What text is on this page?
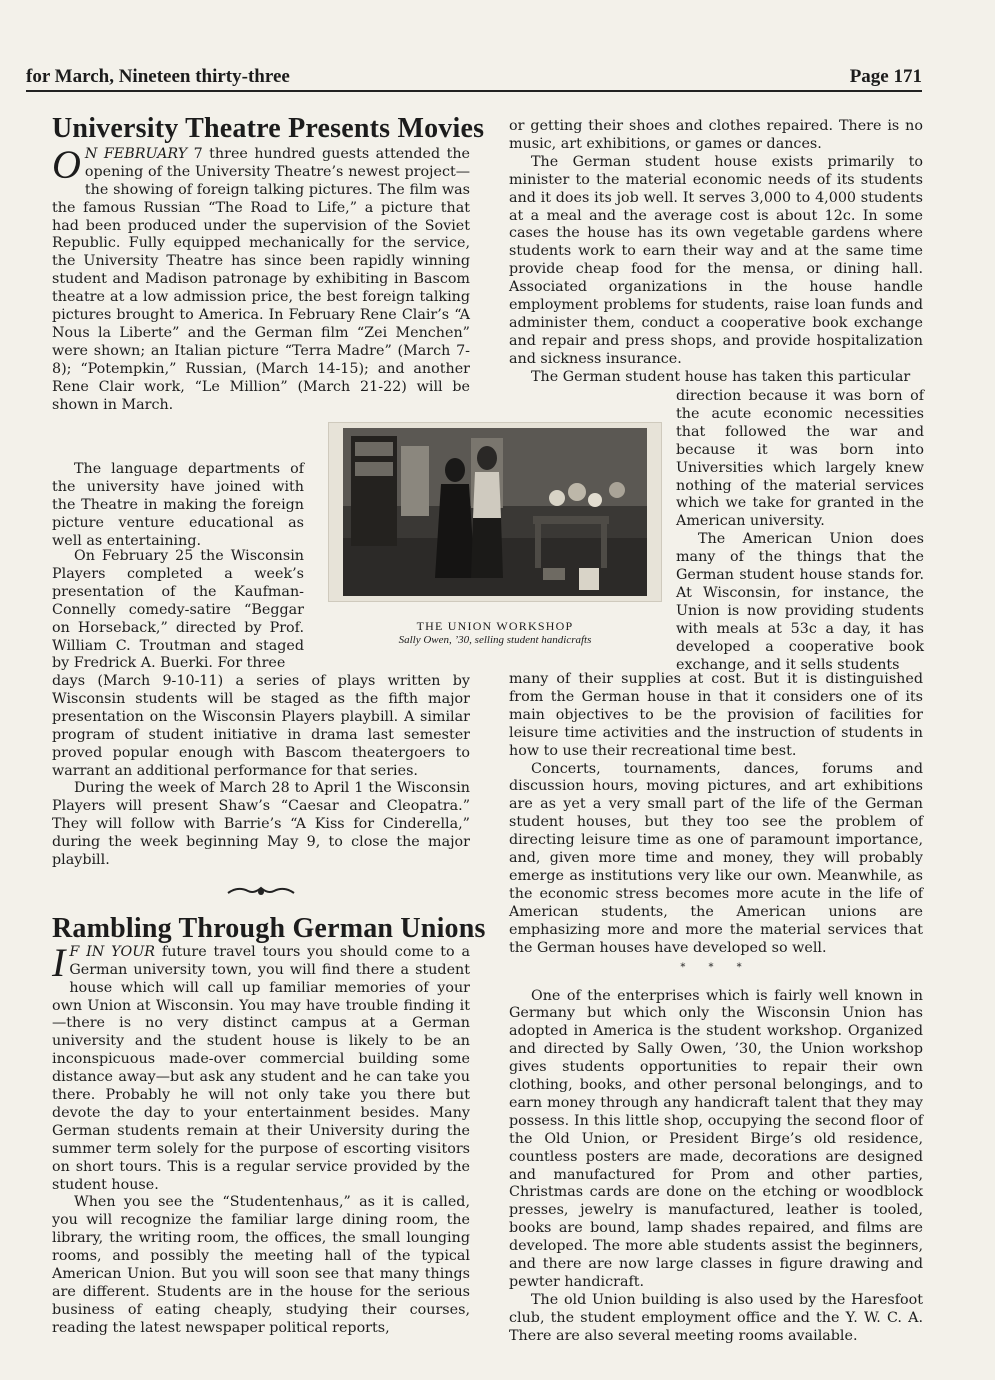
for March, Nineteen thirty-three	Page 171
University Theatre Presents Movies

O N FEBRUARY 7 three hundred guests attended the opening of the University Theatre’s newest project—the showing of foreign talking pictures. The film was the famous Russian “The Road to Life,” a picture that had been produced under the supervision of the Soviet Republic. Fully equipped mechanically for the service, the University Theatre has since been rapidly winning student and Madison patronage by exhibiting in Bascom theatre at a low admission price, the best foreign talking pictures brought to America. In February Rene Clair’s “A Nous la Liberte” and the German film “Zei Menchen” were shown; an Italian picture “Terra Madre” (March 7-8); “Potempkin,” Russian, (March 14-15); and another Rene Clair work, “Le Million” (March 21-22) will be shown in March.

The language departments of the university have joined with the Theatre in making the foreign picture venture educational as well as entertaining.

On February 25 the Wisconsin Players completed a week’s presentation of the Kaufman-Connelly comedy-satire “Beggar on Horseback,” directed by Prof. William C. Troutman and staged by Fredrick A. Buerki. For three

days (March 9-10-11) a series of plays written by Wisconsin students will be staged as the fifth major presentation on the Wisconsin Players playbill. A similar program of student initiative in drama last semester proved popular enough with Bascom theatergoers to warrant an additional performance for that series.

During the week of March 28 to April 1 the Wisconsin Players will present Shaw’s “Caesar and Cleopatra.” They will follow with Barrie’s “A Kiss for Cinderella,” during the week beginning May 9, to close the major playbill.

Rambling Through German Unions

I F IN YOUR future travel tours you should come to a German university town, you will find there a student house which will call up familiar memories of your own Union at Wisconsin. You may have trouble finding it—there is no very distinct campus at a German university and the student house is likely to be an inconspicuous made-over commercial building some distance away—but ask any student and he can take you there. Probably he will not only take you there but devote the day to your entertainment besides. Many German students remain at their University during the summer term solely for the purpose of escorting visitors on short tours. This is a regular service provided by the student house.

When you see the “Studentenhaus,” as it is called, you will recognize the familiar large dining room, the library, the writing room, the offices, the small lounging rooms, and possibly the meeting hall of the typical American Union. But you will soon see that many things are different. Students are in the house for the serious business of eating cheaply, studying their courses, reading the latest newspaper political reports,

or getting their shoes and clothes repaired. There is no music, art exhibitions, or games or dances.

The German student house exists primarily to minister to the material economic needs of its students and it does its job well. It serves 3,000 to 4,000 students at a meal and the average cost is about 12c. In some cases the house has its own vegetable gardens where students work to earn their way and at the same time provide cheap food for the mensa, or dining hall. Associated organizations in the house handle employment problems for students, raise loan funds and administer them, conduct a cooperative book exchange and repair and press shops, and provide hospitalization and sickness insurance.

The German student house has taken this particular

direction because it was born of the acute economic necessities that followed the war and because it was born into Universities which largely knew nothing of the material services which we take for granted in the American university.

The American Union does many of the things that the German student house stands for. At Wisconsin, for instance, the Union is now providing students with meals at 53c a day, it has developed a cooperative book exchange, and it sells students

many of their supplies at cost. But it is distinguished from the German house in that it considers one of its main objectives to be the provision of facilities for leisure time activities and the instruction of students in how to use their recreational time best.

Concerts, tournaments, dances, forums and discussion hours, moving pictures, and art exhibitions are as yet a very small part of the life of the German student houses, but they too see the problem of directing leisure time as one of paramount importance, and, given more time and money, they will probably emerge as institutions very like our own. Meanwhile, as the economic stress becomes more acute in the life of American students, the American unions are emphasizing more and more the material services that the German houses have developed so well.

* * *

One of the enterprises which is fairly well known in Germany but which only the Wisconsin Union has adopted in America is the student workshop. Organized and directed by Sally Owen, ’30, the Union workshop gives students opportunities to repair their own clothing, books, and other personal belongings, and to earn money through any handicraft talent that they may possess. In this little shop, occupying the second floor of the Old Union, or President Birge’s old residence, countless posters are made, decorations are designed and manufactured for Prom and other parties, Christmas cards are done on the etching or woodblock presses, jewelry is manufactured, leather is tooled, books are bound, lamp shades repaired, and films are developed. The more able students assist the beginners, and there are now large classes in figure drawing and pewter handicraft.

The old Union building is also used by the Haresfoot club, the student employment office and the Y. W. C. A. There are also several meeting rooms available.

THE UNION WORKSHOP
Sally Owen, ’30, selling student handicrafts
